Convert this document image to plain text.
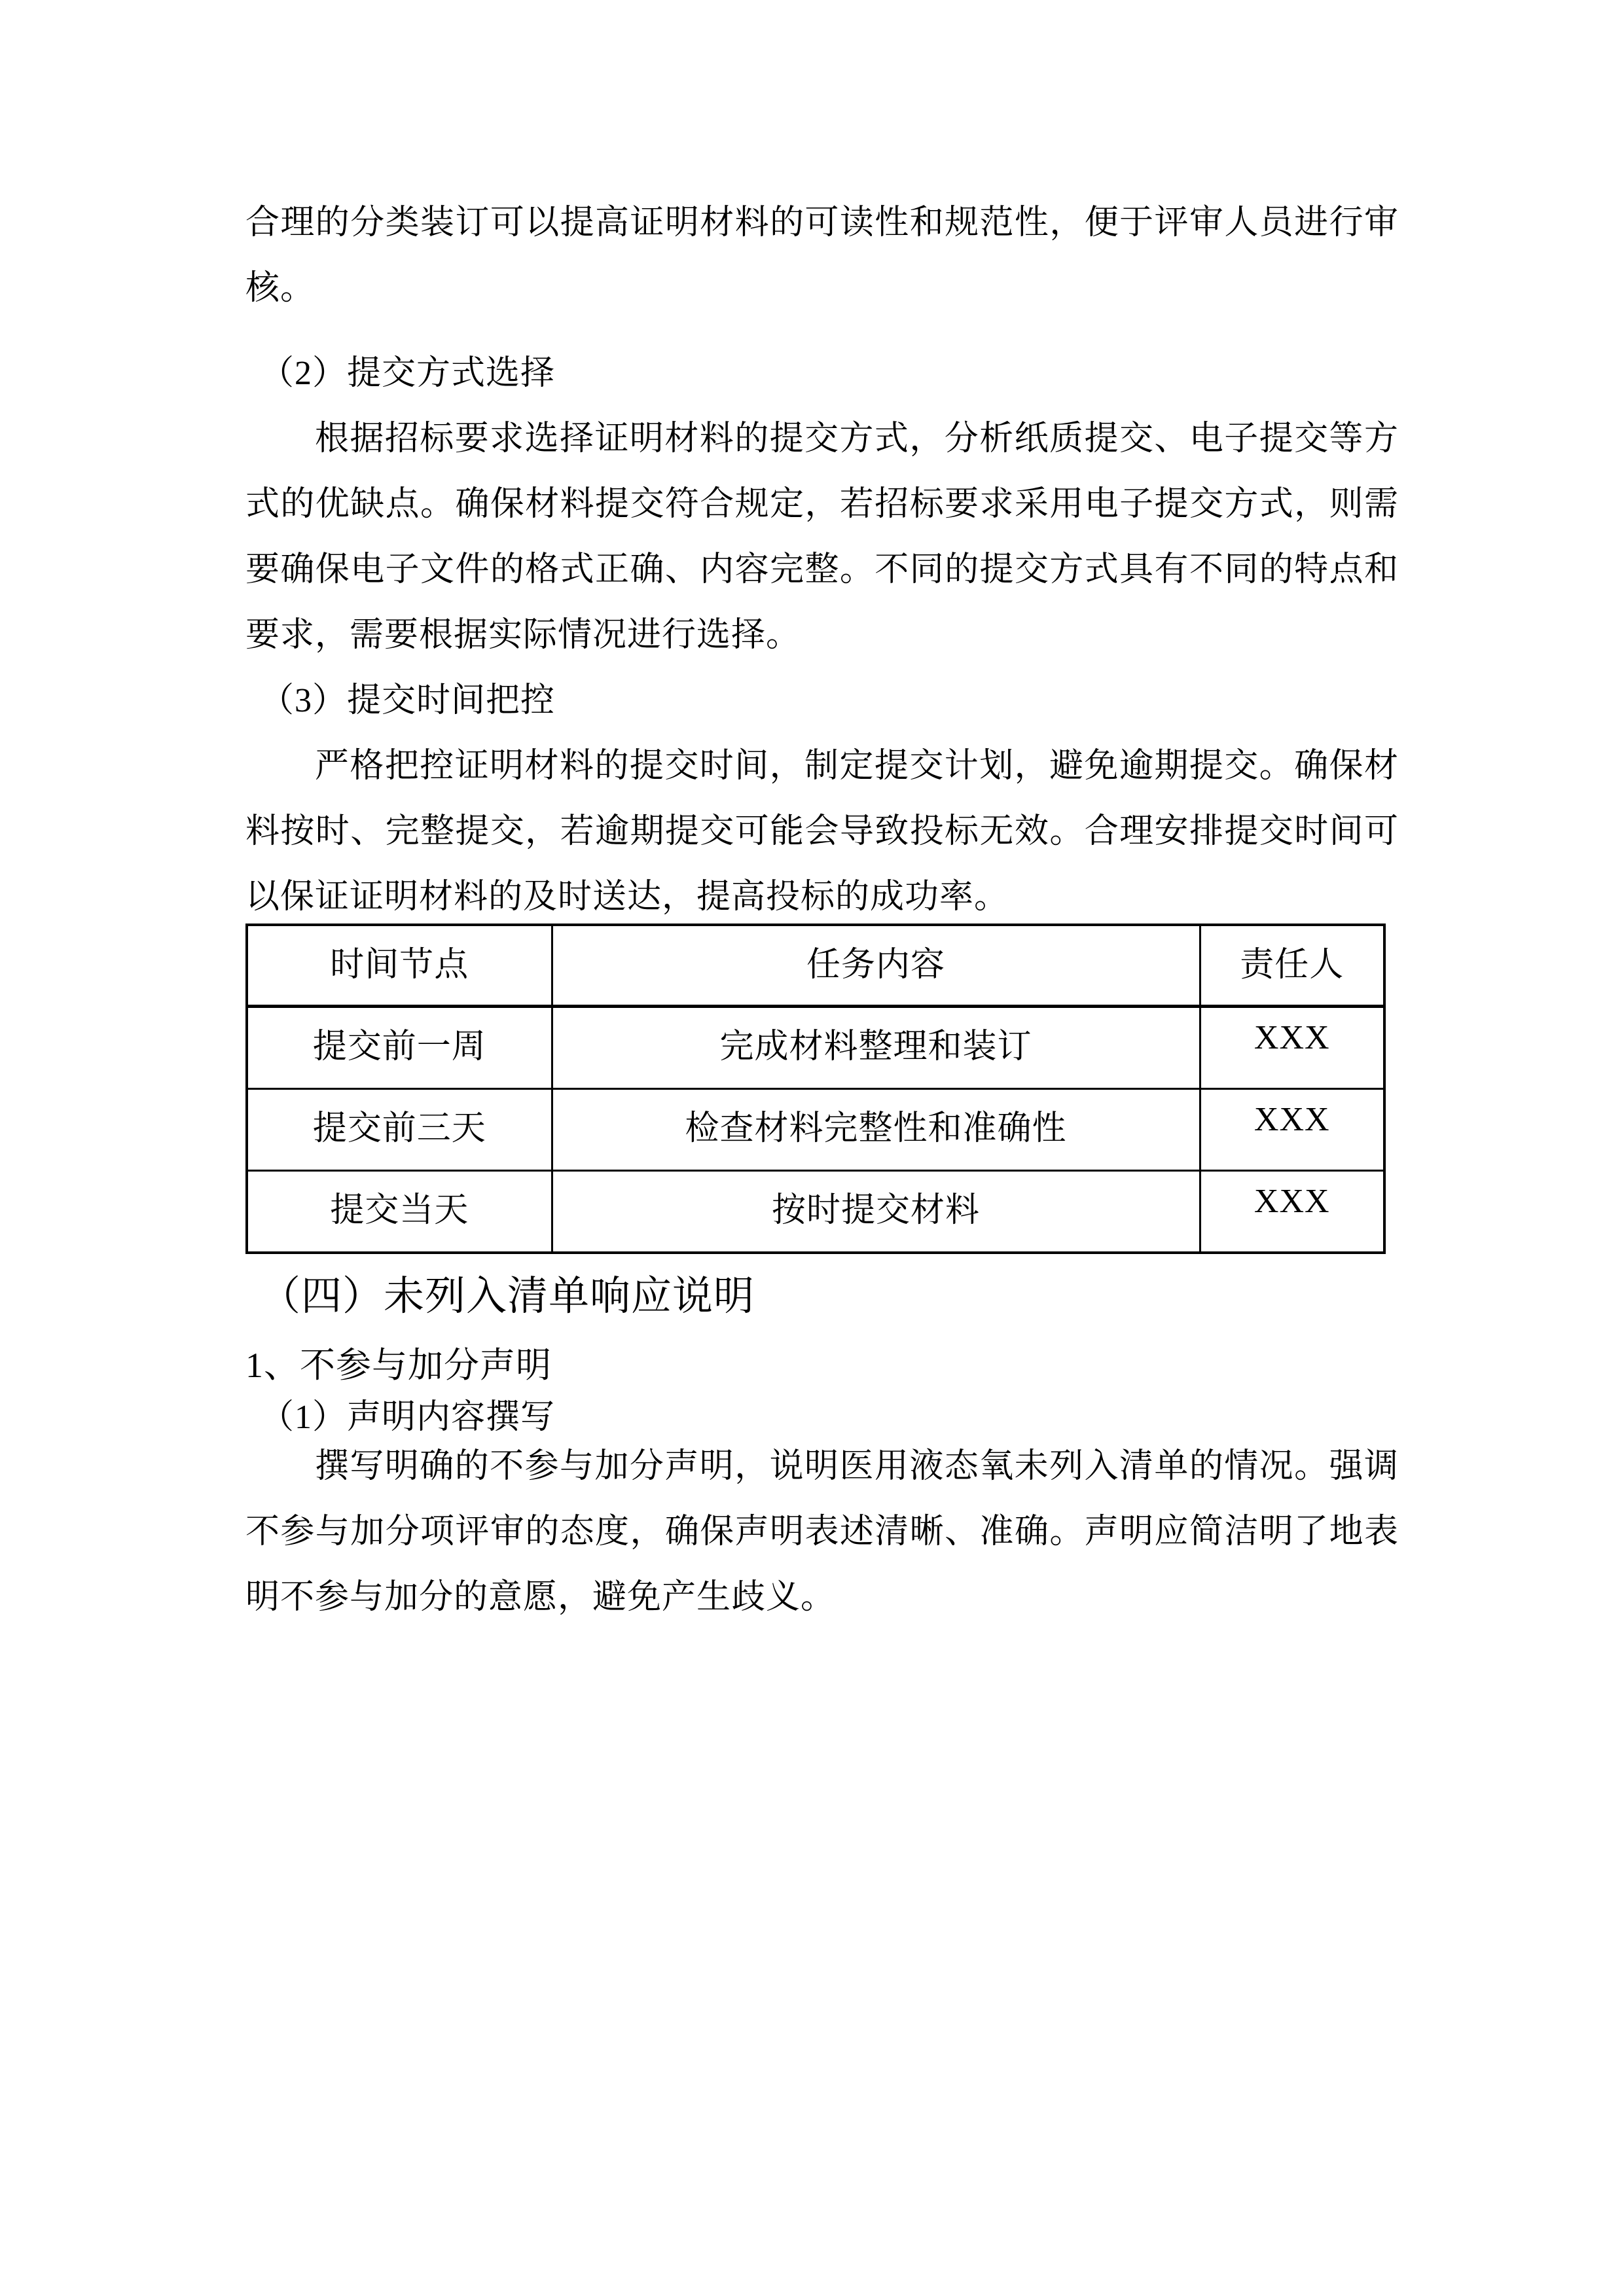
合理的分类装订可以提高证明材料的可读性和规范性，便于评审人员进行审核。

（2）提交方式选择

根据招标要求选择证明材料的提交方式，分析纸质提交、电子提交等方式的优缺点。确保材料提交符合规定，若招标要求采用电子提交方式，则需要确保电子文件的格式正确、内容完整。不同的提交方式具有不同的特点和要求，需要根据实际情况进行选择。

（3）提交时间把控

严格把控证明材料的提交时间，制定提交计划，避免逾期提交。确保材料按时、完整提交，若逾期提交可能会导致投标无效。合理安排提交时间可以保证证明材料的及时送达，提高投标的成功率。

时间节点	任务内容	责任人
提交前一周	完成材料整理和装订	XXX
提交前三天	检查材料完整性和准确性	XXX
提交当天	按时提交材料	XXX

（四）未列入清单响应说明

1、不参与加分声明

（1）声明内容撰写

撰写明确的不参与加分声明，说明医用液态氧未列入清单的情况。强调不参与加分项评审的态度，确保声明表述清晰、准确。声明应简洁明了地表明不参与加分的意愿，避免产生歧义。
